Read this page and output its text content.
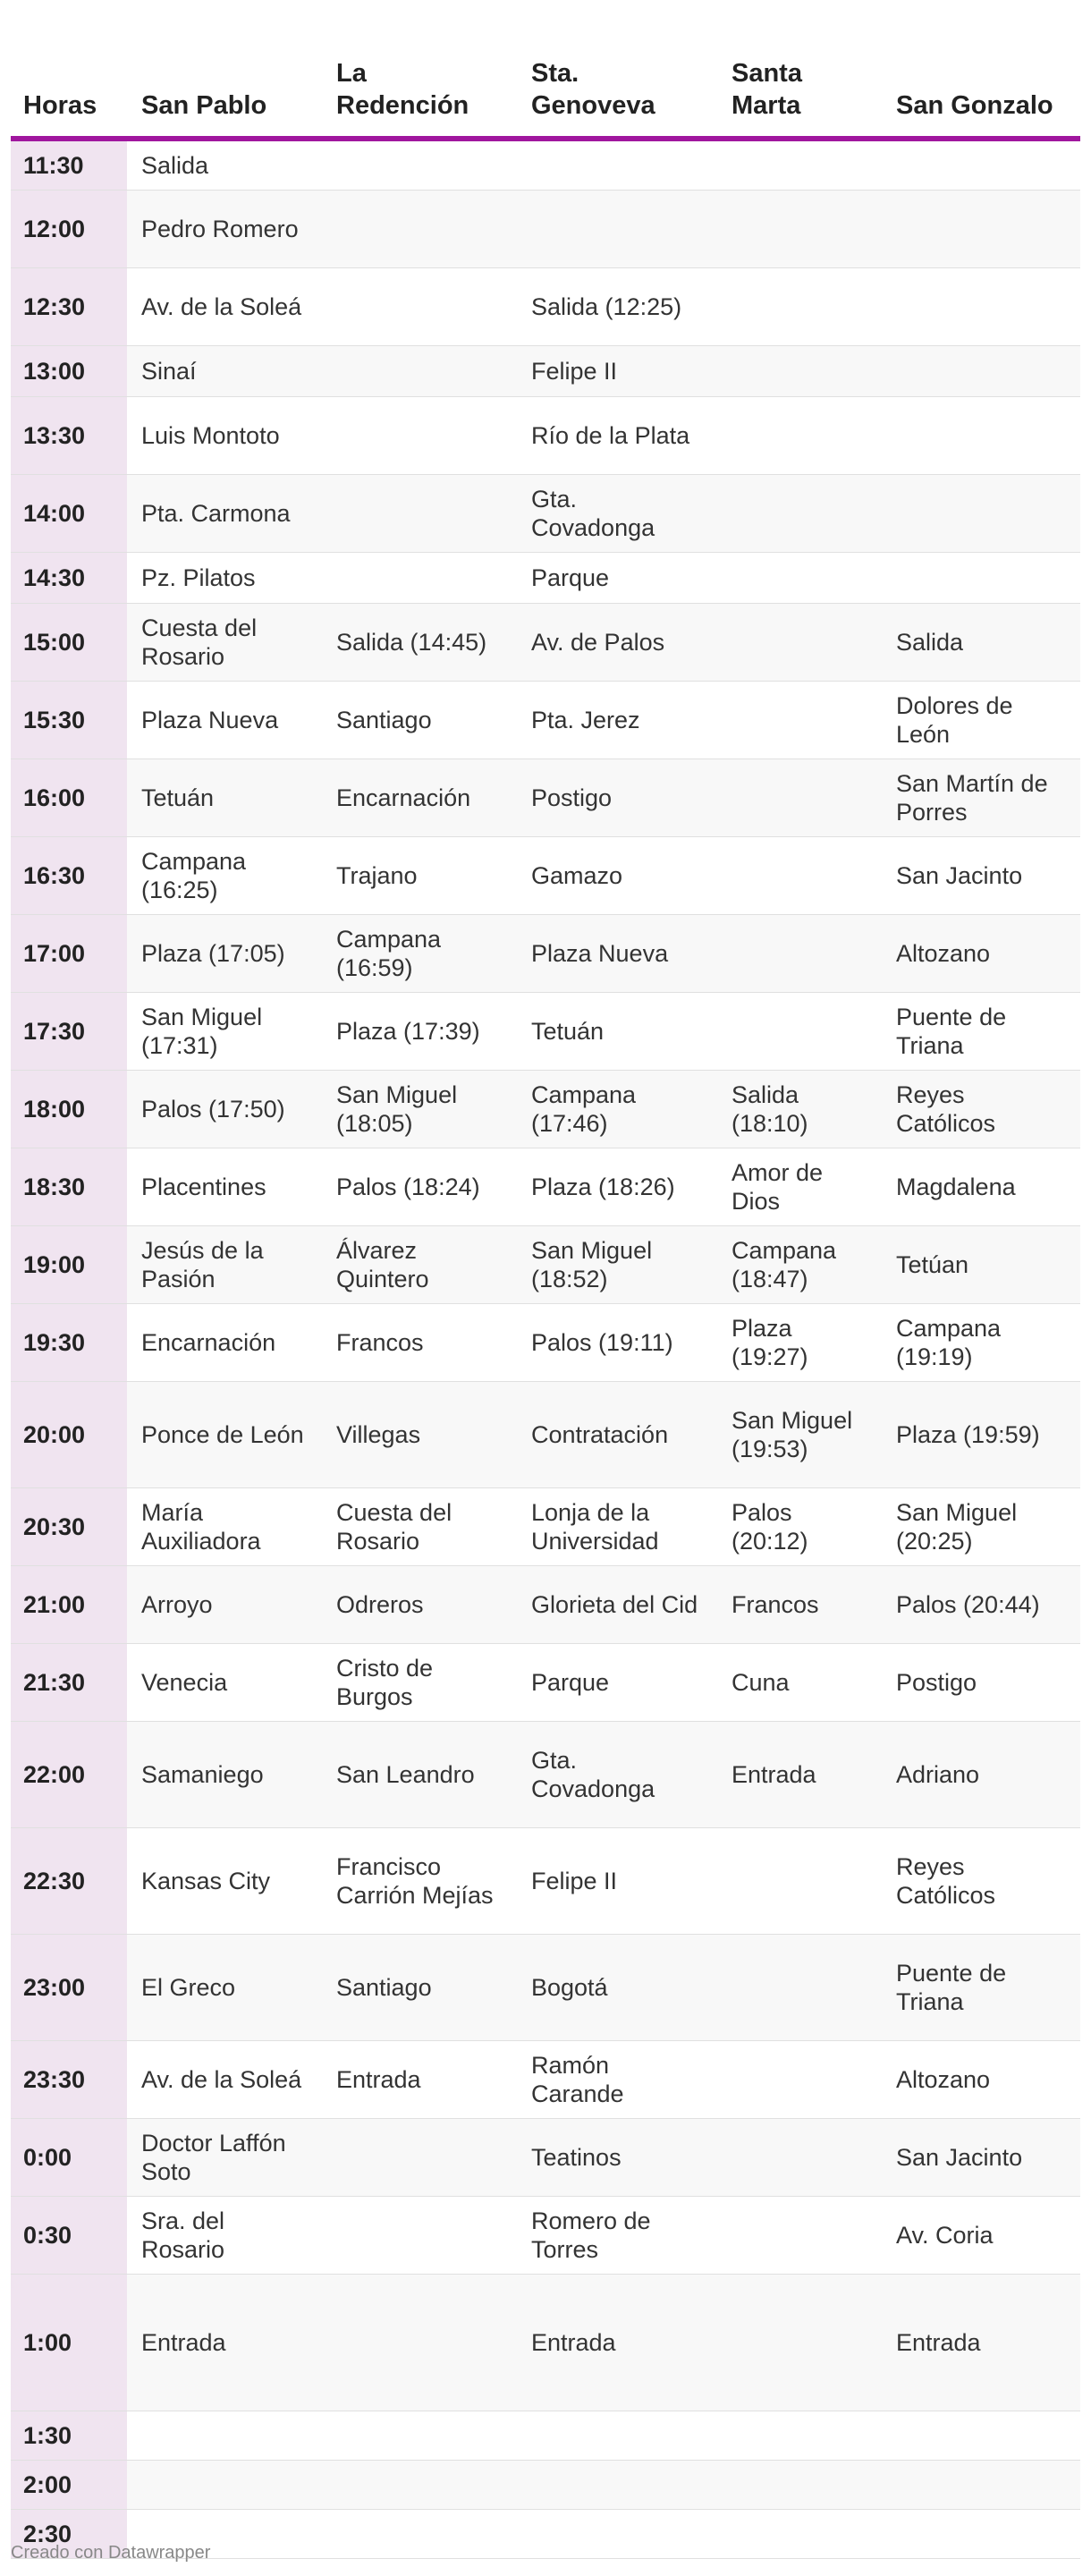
Horas	San Pablo	La Redención	Sta. Genoveva	Santa Marta	San Gonzalo
11:30	Salida				
12:00	Pedro Romero				
12:30	Av. de la Soleá		Salida (12:25)		
13:00	Sinaí		Felipe II		
13:30	Luis Montoto		Río de la Plata		
14:00	Pta. Carmona		Gta. Covadonga		
14:30	Pz. Pilatos		Parque		
15:00	Cuesta del Rosario	Salida (14:45)	Av. de Palos		Salida
15:30	Plaza Nueva	Santiago	Pta. Jerez		Dolores de León
16:00	Tetuán	Encarnación	Postigo		San Martín de Porres
16:30	Campana (16:25)	Trajano	Gamazo		San Jacinto
17:00	Plaza (17:05)	Campana (16:59)	Plaza Nueva		Altozano
17:30	San Miguel (17:31)	Plaza (17:39)	Tetuán		Puente de Triana
18:00	Palos (17:50)	San Miguel (18:05)	Campana (17:46)	Salida (18:10)	Reyes Católicos
18:30	Placentines	Palos (18:24)	Plaza (18:26)	Amor de Dios	Magdalena
19:00	Jesús de la Pasión	Álvarez Quintero	San Miguel (18:52)	Campana (18:47)	Tetúan
19:30	Encarnación	Francos	Palos (19:11)	Plaza (19:27)	Campana (19:19)
20:00	Ponce de León	Villegas	Contratación	San Miguel (19:53)	Plaza (19:59)
20:30	María Auxiliadora	Cuesta del Rosario	Lonja de la Universidad	Palos (20:12)	San Miguel (20:25)
21:00	Arroyo	Odreros	Glorieta del Cid	Francos	Palos (20:44)
21:30	Venecia	Cristo de Burgos	Parque	Cuna	Postigo
22:00	Samaniego	San Leandro	Gta. Covadonga	Entrada	Adriano
22:30	Kansas City	Francisco Carrión Mejías	Felipe II		Reyes Católicos
23:00	El Greco	Santiago	Bogotá		Puente de Triana
23:30	Av. de la Soleá	Entrada	Ramón Carande		Altozano
0:00	Doctor Laffón Soto		Teatinos		San Jacinto
0:30	Sra. del Rosario		Romero de Torres		Av. Coria
1:00	Entrada		Entrada		Entrada
1:30					
2:00					
2:30					
Creado con Datawrapper
